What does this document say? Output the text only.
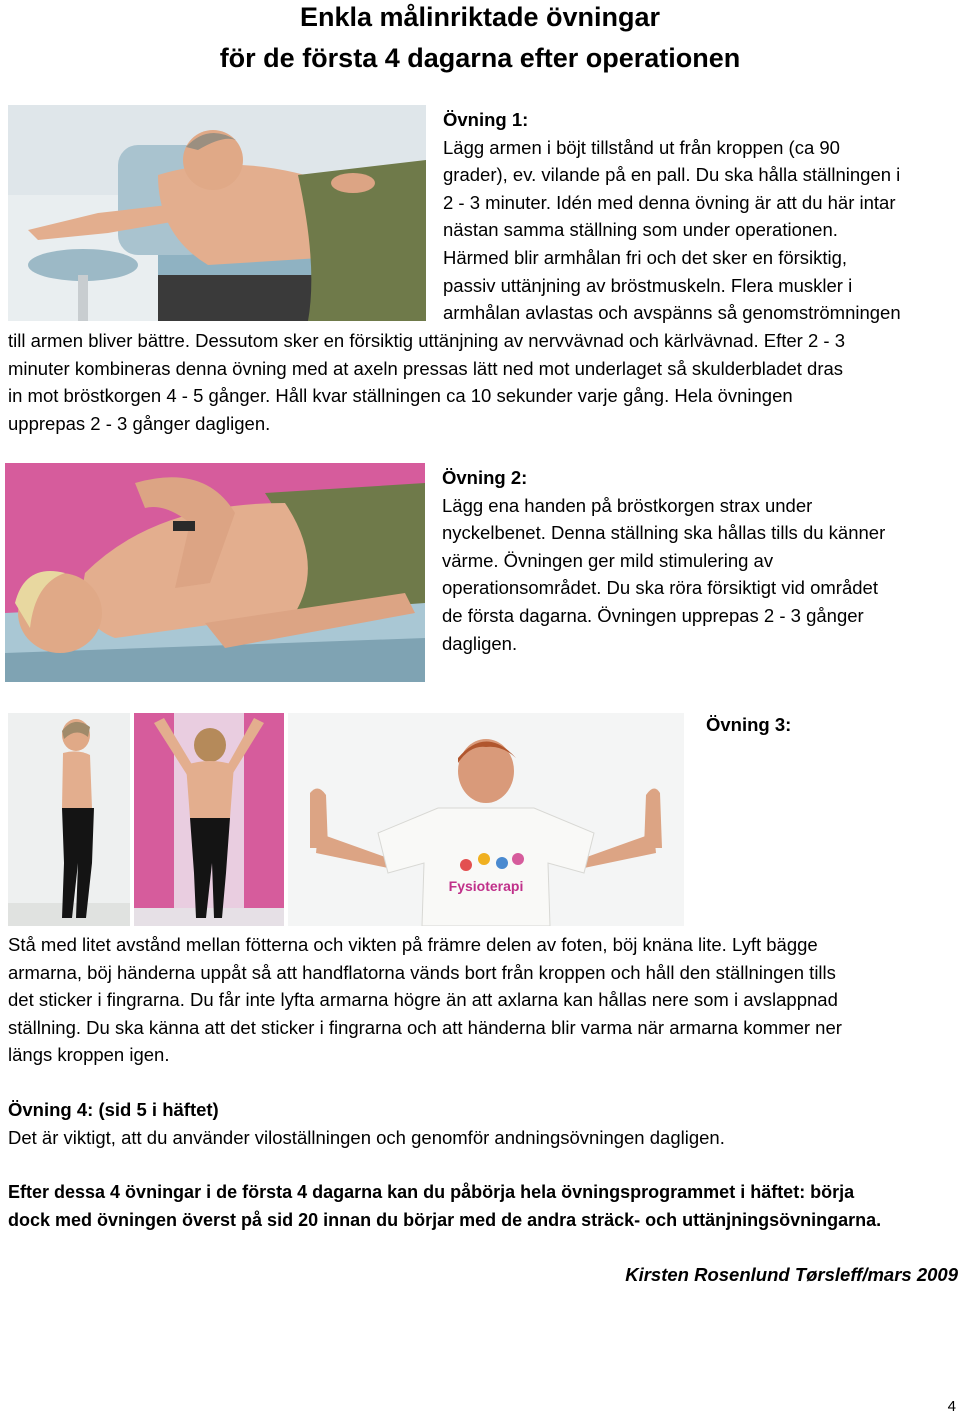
Enkla målinriktade övningar
för de första 4 dagarna efter operationen
Övning 1:
Lägg armen i böjt tillstånd ut från kroppen (ca 90
grader), ev. vilande på en pall. Du ska hålla ställningen i
2 - 3 minuter. Idén med denna övning är att du här intar
nästan samma ställning som under operationen.
Härmed blir armhålan fri och det sker en försiktig,
passiv uttänjning av bröstmuskeln. Flera muskler i
armhålan avlastas och avspänns så genomströmningen
till armen bliver bättre. Dessutom sker en försiktig uttänjning av nervvävnad och kärlvävnad. Efter 2 - 3
minuter kombineras denna övning med at axeln pressas lätt ned mot underlaget så skulderbladet dras
in mot bröstkorgen 4 - 5 gånger. Håll kvar ställningen ca 10 sekunder varje gång. Hela övningen
upprepas 2 - 3 gånger dagligen.
Övning 2:
Lägg ena handen på bröstkorgen strax under
nyckelbenet. Denna ställning ska hållas tills du känner
värme. Övningen ger mild stimulering av
operationsområdet. Du ska röra försiktigt vid området
de första dagarna. Övningen upprepas 2 - 3 gånger
dagligen.
Fysioterapi
Övning 3:
Stå med litet avstånd mellan fötterna och vikten på främre delen av foten, böj knäna lite. Lyft bägge
armarna, böj händerna uppåt så att handflatorna vänds bort från kroppen och håll den ställningen tills
det sticker i fingrarna. Du får inte lyfta armarna högre än att axlarna kan hållas nere som i avslappnad
ställning. Du ska känna att det sticker i fingrarna och att händerna blir varma när armarna kommer ner
längs kroppen igen.
Övning 4: (sid 5 i häftet)
Det är viktigt, att du använder viloställningen och genomför andningsövningen dagligen.
Efter dessa 4 övningar i de första 4 dagarna kan du påbörja hela övningsprogrammet i häftet: börja
dock med övningen överst på sid 20 innan du börjar med de andra sträck- och uttänjningsövningarna.
Kirsten Rosenlund Tørsleff/mars 2009
4
